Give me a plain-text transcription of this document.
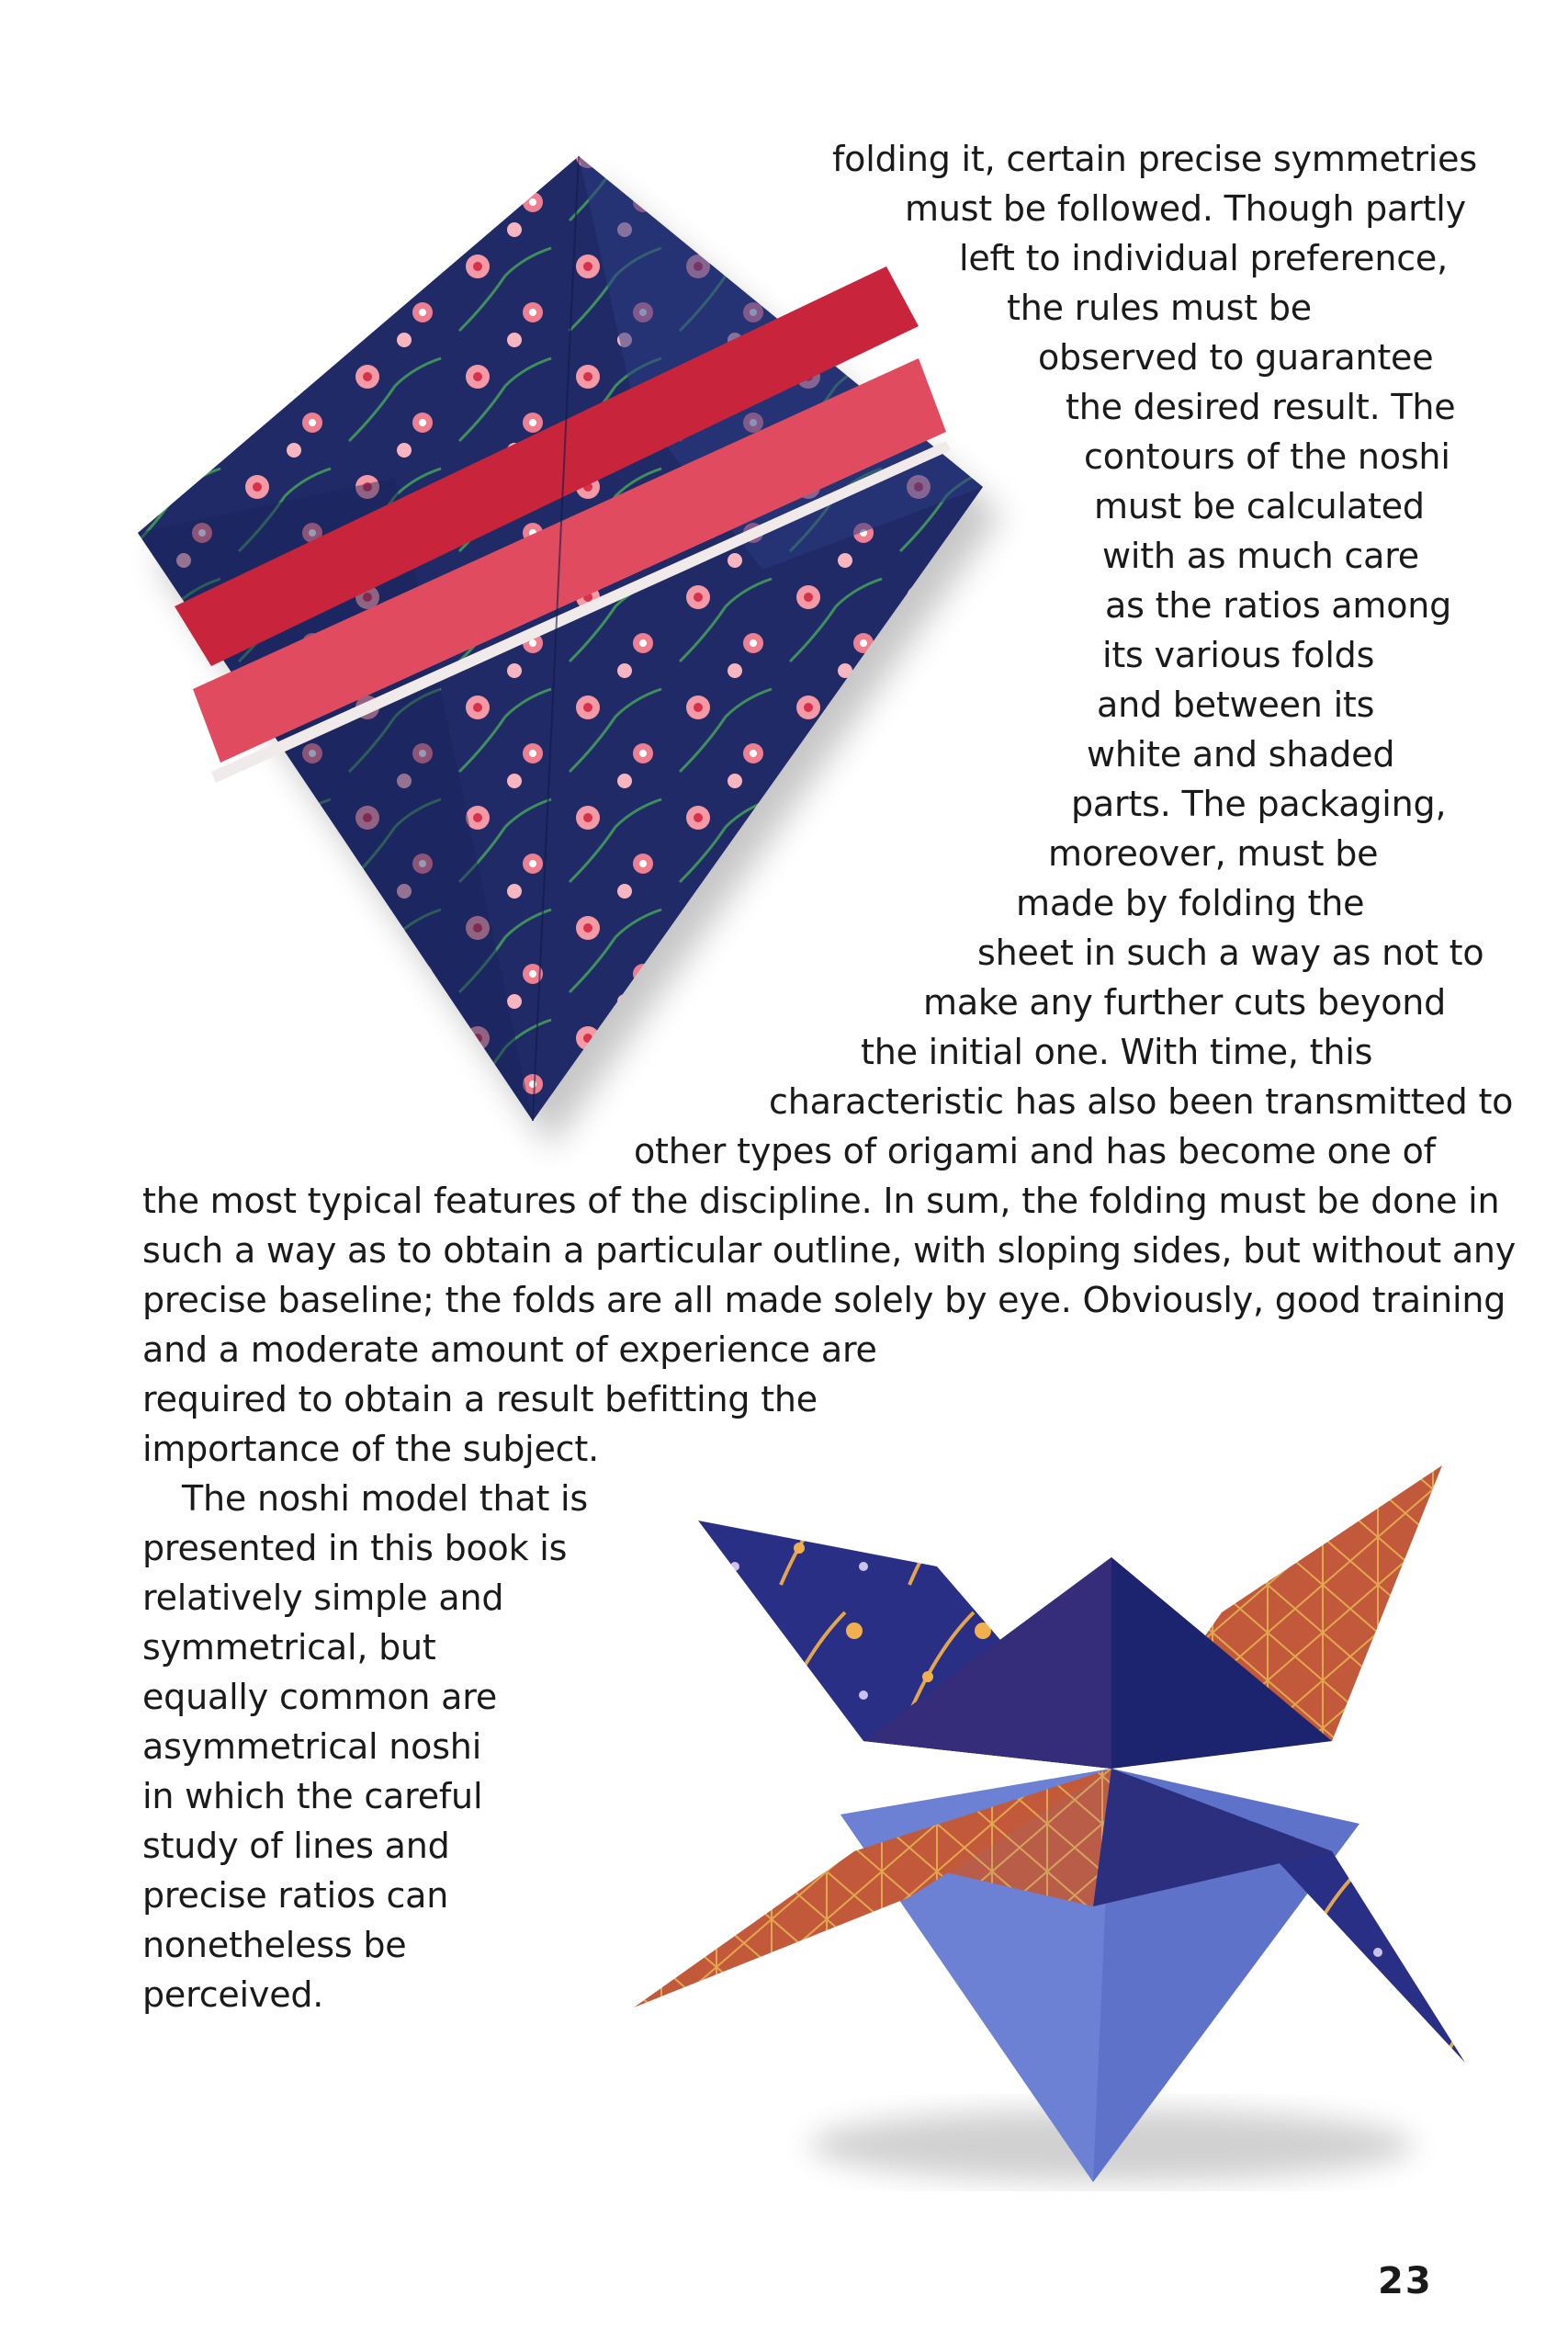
folding it, certain precise symmetries
must be followed. Though partly
left to individual preference,
the rules must be
observed to guarantee
the desired result. The
contours of the noshi
must be calculated
with as much care
as the ratios among
its various folds
and between its
white and shaded
parts. The packaging,
moreover, must be
made by folding the
sheet in such a way as not to
make any further cuts beyond
the initial one. With time, this
characteristic has also been transmitted to
other types of origami and has become one of
the most typical features of the discipline. In sum, the folding must be done in
such a way as to obtain a particular outline, with sloping sides, but without any
precise baseline; the folds are all made solely by eye. Obviously, good training
and a moderate amount of experience are
required to obtain a result befitting the
importance of the subject.
The noshi model that is
presented in this book is
relatively simple and
symmetrical, but
equally common are
asymmetrical noshi
in which the careful
study of lines and
precise ratios can
nonetheless be
perceived.
23
